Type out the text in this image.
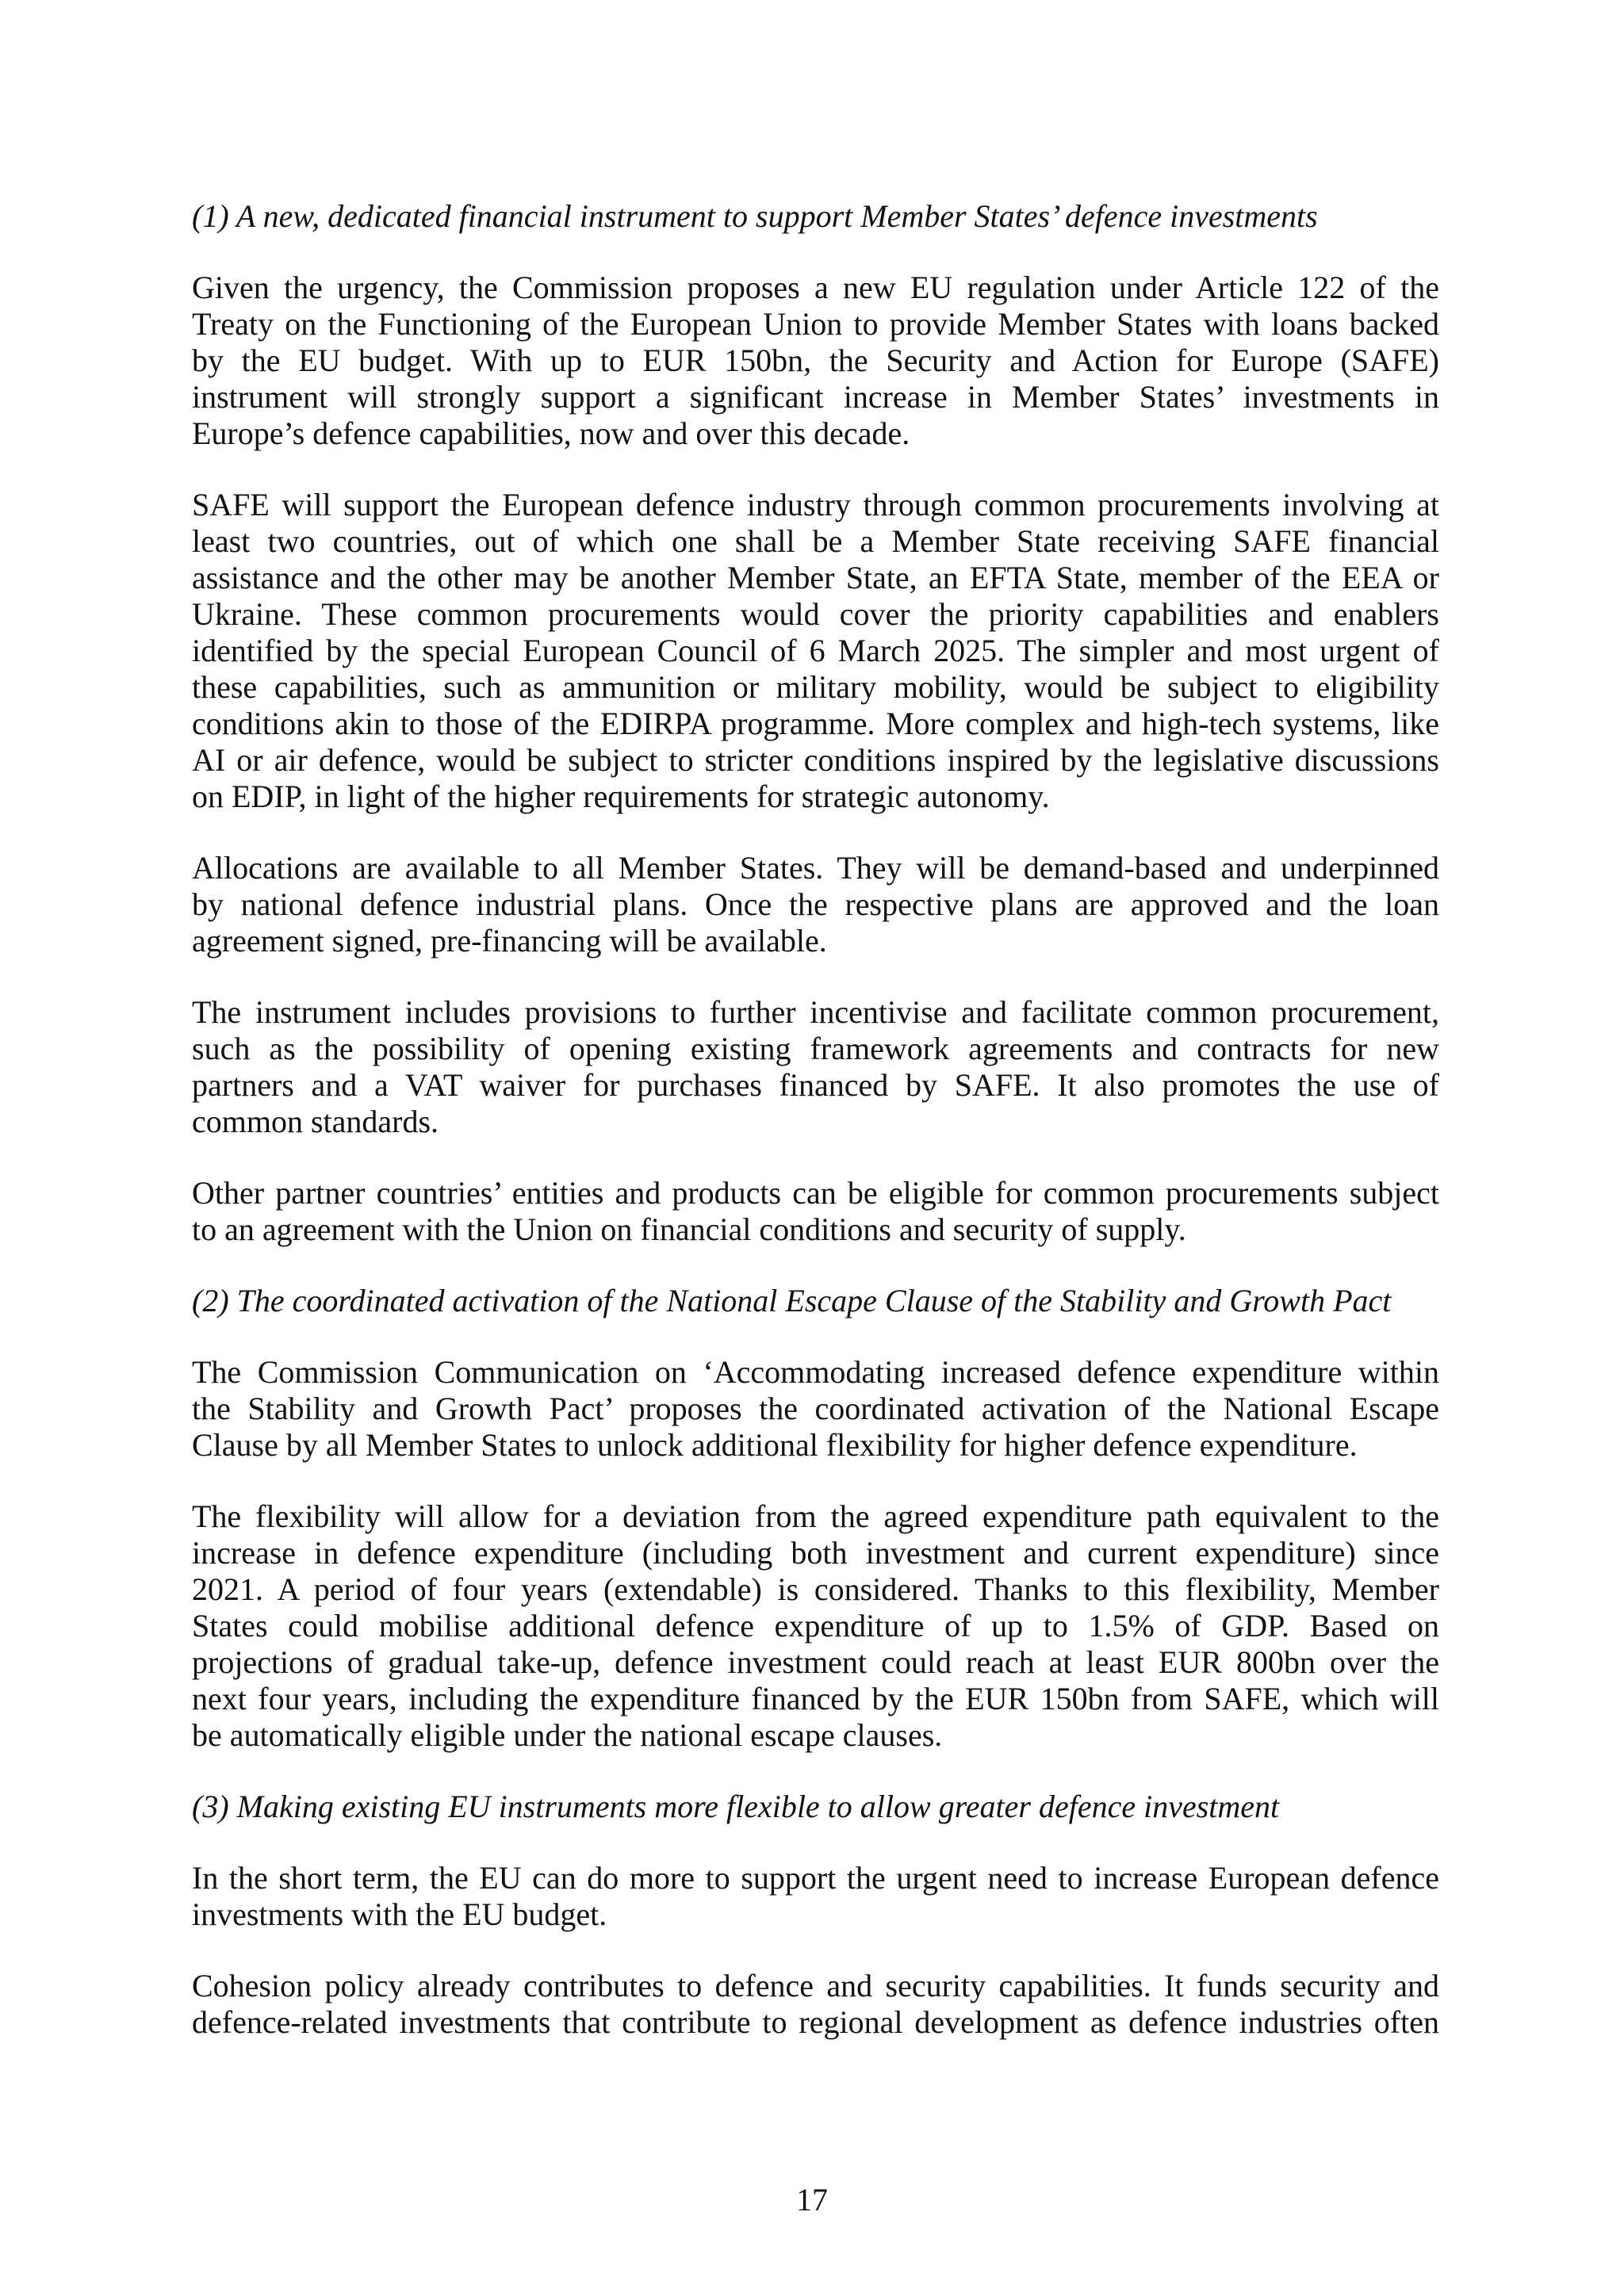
(1) A new, dedicated financial instrument to support Member States’ defence investments
Given the urgency, the Commission proposes a new EU regulation under Article 122 of the
Treaty on the Functioning of the European Union to provide Member States with loans backed
by the EU budget. With up to EUR 150bn, the Security and Action for Europe (SAFE)
instrument will strongly support a significant increase in Member States’ investments in
Europe’s defence capabilities, now and over this decade.
SAFE will support the European defence industry through common procurements involving at
least two countries, out of which one shall be a Member State receiving SAFE financial
assistance and the other may be another Member State, an EFTA State, member of the EEA or
Ukraine. These common procurements would cover the priority capabilities and enablers
identified by the special European Council of 6 March 2025. The simpler and most urgent of
these capabilities, such as ammunition or military mobility, would be subject to eligibility
conditions akin to those of the EDIRPA programme. More complex and high-tech systems, like
AI or air defence, would be subject to stricter conditions inspired by the legislative discussions
on EDIP, in light of the higher requirements for strategic autonomy.
Allocations are available to all Member States. They will be demand-based and underpinned
by national defence industrial plans. Once the respective plans are approved and the loan
agreement signed, pre-financing will be available.
The instrument includes provisions to further incentivise and facilitate common procurement,
such as the possibility of opening existing framework agreements and contracts for new
partners and a VAT waiver for purchases financed by SAFE. It also promotes the use of
common standards.
Other partner countries’ entities and products can be eligible for common procurements subject
to an agreement with the Union on financial conditions and security of supply.
(2) The coordinated activation of the National Escape Clause of the Stability and Growth Pact
The Commission Communication on ‘Accommodating increased defence expenditure within
the Stability and Growth Pact’ proposes the coordinated activation of the National Escape
Clause by all Member States to unlock additional flexibility for higher defence expenditure.
The flexibility will allow for a deviation from the agreed expenditure path equivalent to the
increase in defence expenditure (including both investment and current expenditure) since
2021. A period of four years (extendable) is considered. Thanks to this flexibility, Member
States could mobilise additional defence expenditure of up to 1.5% of GDP. Based on
projections of gradual take-up, defence investment could reach at least EUR 800bn over the
next four years, including the expenditure financed by the EUR 150bn from SAFE, which will
be automatically eligible under the national escape clauses.
(3) Making existing EU instruments more flexible to allow greater defence investment
In the short term, the EU can do more to support the urgent need to increase European defence
investments with the EU budget.
Cohesion policy already contributes to defence and security capabilities. It funds security and
defence-related investments that contribute to regional development as defence industries often
17
